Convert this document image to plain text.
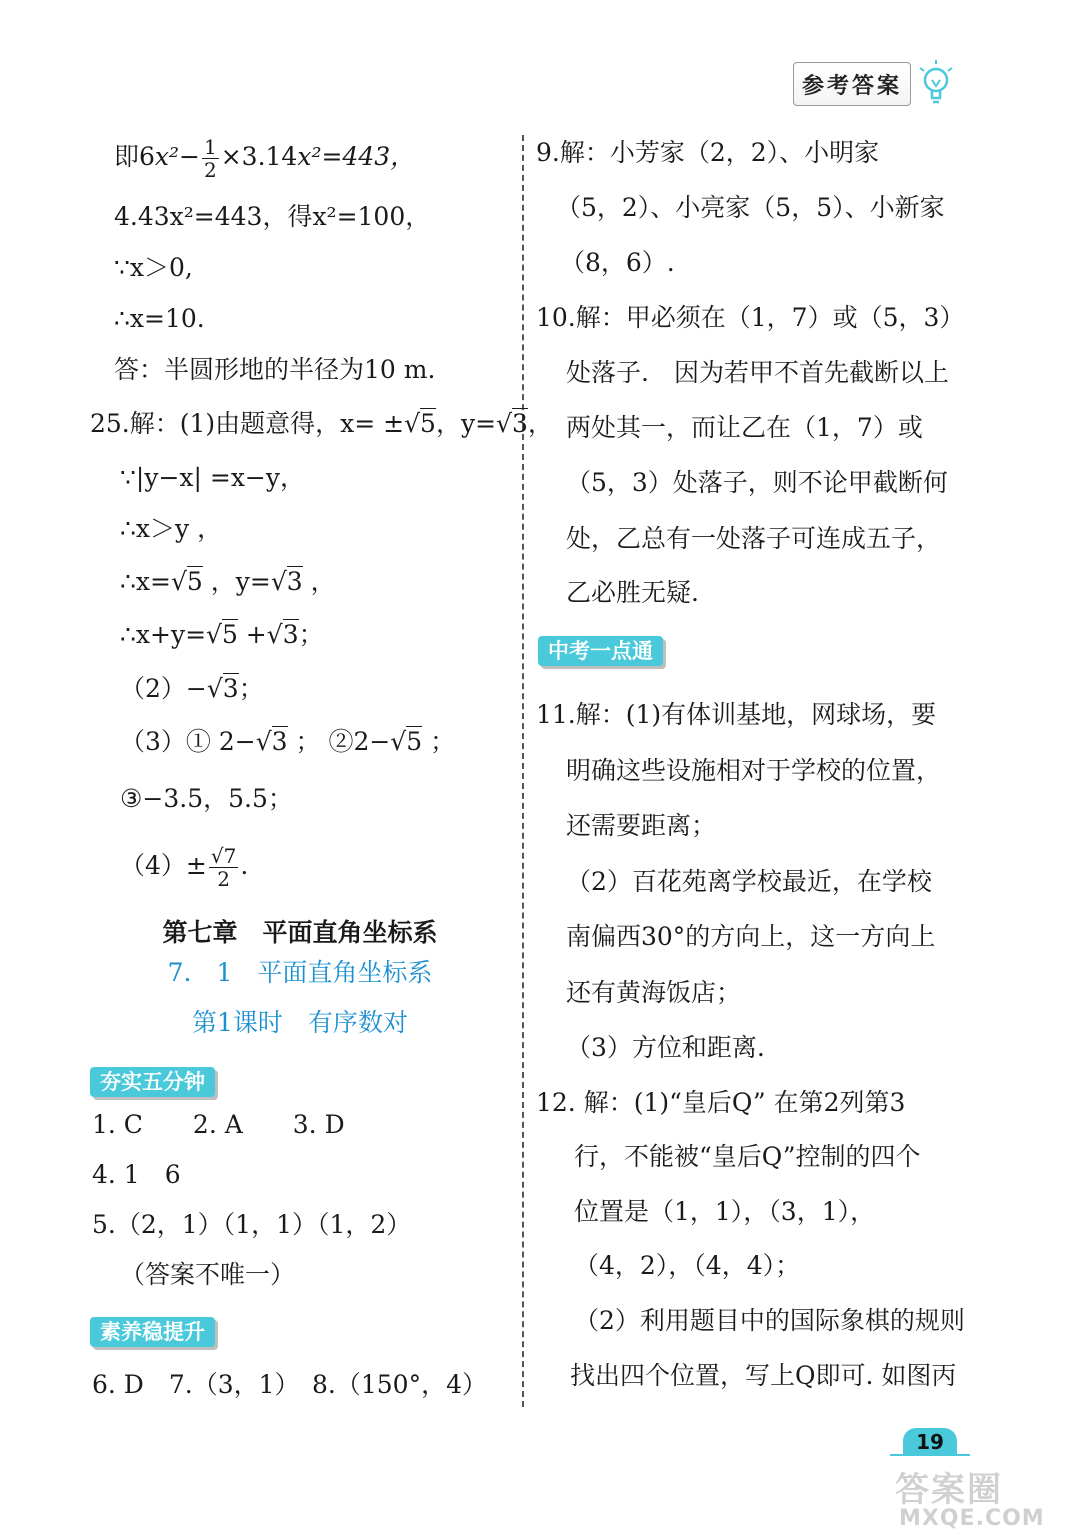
参考答案
即$6x^2- \frac{1}{2} \times 3.14x^2=443$，
4.43x²=443，得x²=100，
∵x＞0,
∴x=10.
答：半圆形地的半径为10 m.
25.解：(1)由题意得，x= ±√5，y=√3，
∵|y−x| =x−y，
∴x＞y ，
∴x=√5 ，y=√3 ，
∴x+y=√5 +√3；
（2）−√3；
（3）① 2−√3 ； ②2−√5 ；
③−3.5，5.5；
$(4)\pm \frac{√7}{2}$ .
第七章　平面直角坐标系
7.　1　平面直角坐标系
第1课时　有序数对
夯实五分钟
1. C　　2. A　　3. D
4. 1　6
5.（2，1）（1，1）（1，2）
（答案不唯一）
素养稳提升
6. D　7.（3，1）　8.（150°，4）
9.解：小芳家（2，2）、小明家
（5，2）、小亮家（5，5）、小新家
（8，6）.
10.解：甲必须在（1，7）或（5，3）
处落子.　因为若甲不首先截断以上
两处其一，而让乙在（1，7）或
（5，3）处落子，则不论甲截断何
处，乙总有一处落子可连成五子，
乙必胜无疑.
中考一点通
11.解：(1)有体训基地，网球场，要
明确这些设施相对于学校的位置，
还需要距离；
（2）百花苑离学校最近，在学校
南偏西30°的方向上，这一方向上
还有黄海饭店；
（3）方位和距离.
12. 解：(1)“皇后Q” 在第2列第3
行，不能被“皇后Q”控制的四个
位置是（1，1），（3，1），
（4，2），（4，4）；
（2）利用题目中的国际象棋的规则
找出四个位置，写上Q即可. 如图丙
19
答案圈
MXQE.COM
